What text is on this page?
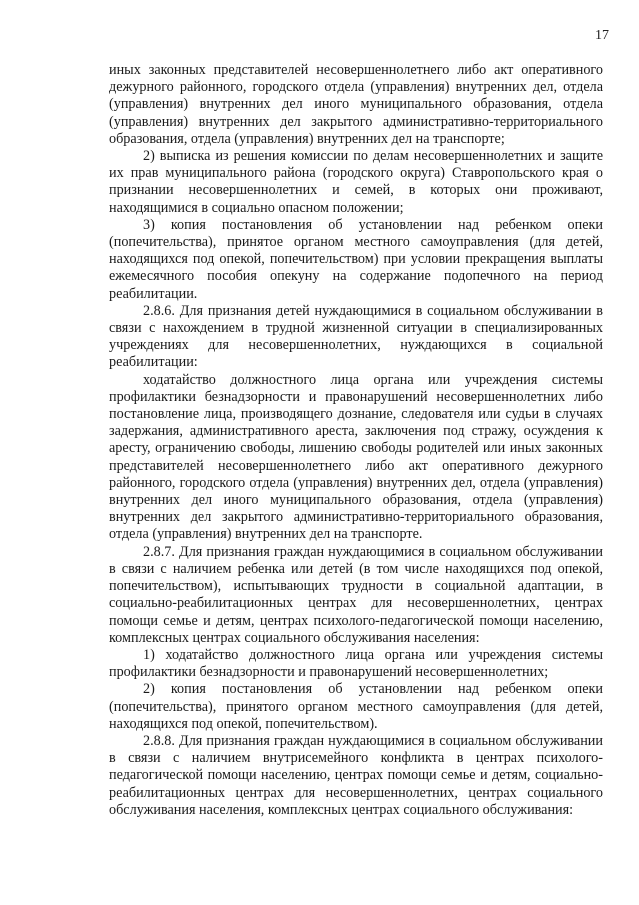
17

иных законных представителей несовершеннолетнего либо акт оперативного дежурного районного, городского отдела (управления) внутренних дел, отдела (управления) внутренних дел иного муниципального образования, отдела (управления) внутренних дел закрытого административно-территориального образования, отдела (управления) внутренних дел на транспорте;

2) выписка из решения комиссии по делам несовершеннолетних и защите их прав муниципального района (городского округа) Ставропольского края о признании несовершеннолетних и семей, в которых они проживают, находящимися в социально опасном положении;

3) копия постановления об установлении над ребенком опеки (попечительства), принятое органом местного самоуправления (для детей, находящихся под опекой, попечительством) при условии прекращения выплаты ежемесячного пособия опекуну на содержание подопечного на период реабилитации.

2.8.6. Для признания детей нуждающимися в социальном обслуживании в связи с нахождением в трудной жизненной ситуации в специализированных учреждениях для несовершеннолетних, нуждающихся в социальной реабилитации:

ходатайство должностного лица органа или учреждения системы профилактики безнадзорности и правонарушений несовершеннолетних либо постановление лица, производящего дознание, следователя или судьи в случаях задержания, административного ареста, заключения под стражу, осуждения к аресту, ограничению свободы, лишению свободы родителей или иных законных представителей несовершеннолетнего либо акт оперативного дежурного районного, городского отдела (управления) внутренних дел, отдела (управления) внутренних дел иного муниципального образования, отдела (управления) внутренних дел закрытого административно-территориального образования, отдела (управления) внутренних дел на транспорте.

2.8.7. Для признания граждан нуждающимися в социальном обслуживании в связи с наличием ребенка или детей (в том числе находящихся под опекой, попечительством), испытывающих трудности в социальной адаптации, в социально-реабилитационных центрах для несовершеннолетних, центрах помощи семье и детям, центрах психолого-педагогической помощи населению, комплексных центрах социального обслуживания населения:

1) ходатайство должностного лица органа или учреждения системы профилактики безнадзорности и правонарушений несовершеннолетних;

2) копия постановления об установлении над ребенком опеки (попечительства), принятого органом местного самоуправления (для детей, находящихся под опекой, попечительством).

2.8.8. Для признания граждан нуждающимися в социальном обслуживании в связи с наличием внутрисемейного конфликта в центрах психолого-педагогической помощи населению, центрах помощи семье и детям, социально-реабилитационных центрах для несовершеннолетних, центрах социального обслуживания населения, комплексных центрах социального обслуживания:
